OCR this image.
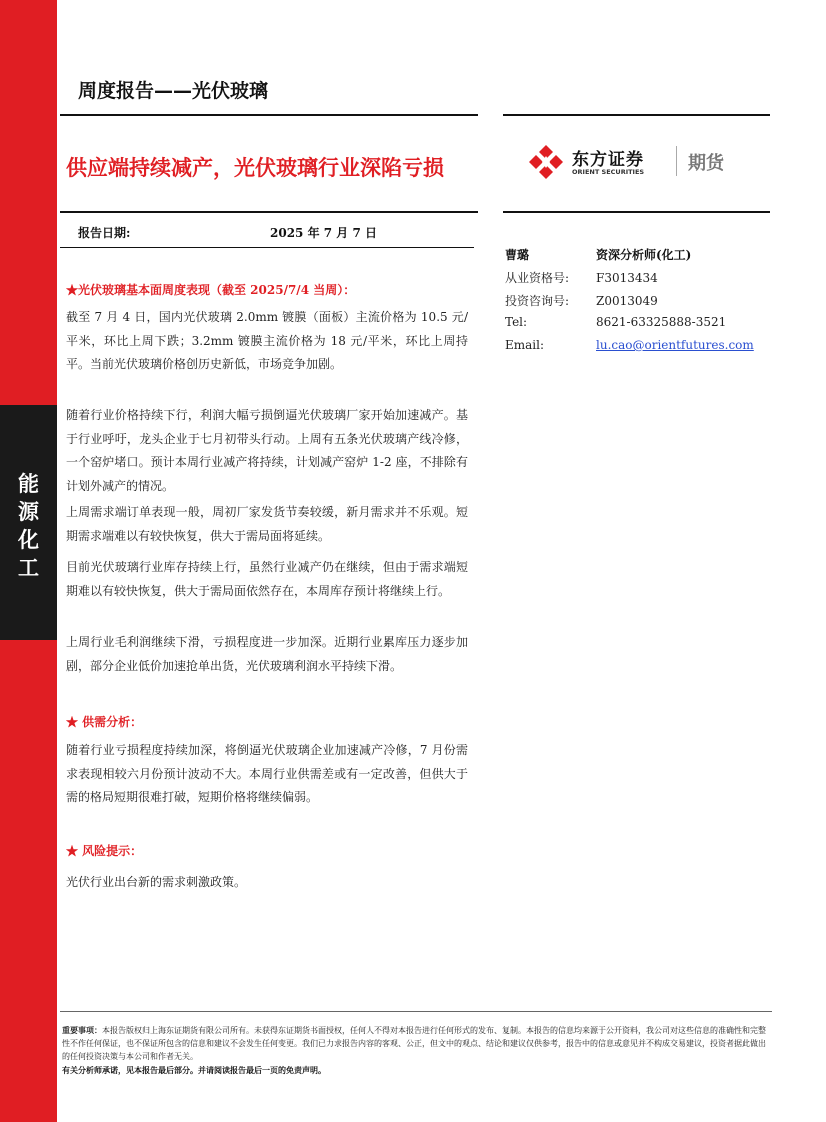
能
源
化
工
周度报告——光伏玻璃
供应端持续减产，光伏玻璃行业深陷亏损	东方证券
ORIENT SECURITIES 期货
报告日期:	2025 年 7 月 7 日
曹璐	资深分析师(化工)
从业资格号: F3013434
投资咨询号: Z0013049
Tel:	8621-63325888-3521
Email:	lu.cao@orientfutures.com
★光伏玻璃基本面周度表现（截至 2025/7/4 当周）：
截至 7 月 4 日，国内光伏玻璃 2.0mm 镀膜（面板）主流价格为 10.5 元/平米，环比上周下跌；3.2mm 镀膜主流价格为 18 元/平米，环比上周持平。当前光伏玻璃价格创历史新低，市场竞争加剧。
随着行业价格持续下行，利润大幅亏损倒逼光伏玻璃厂家开始加速减产。基于行业呼吁，龙头企业于七月初带头行动。上周有五条光伏玻璃产线冷修，一个窑炉堵口。预计本周行业减产将持续，计划减产窑炉 1-2 座，不排除有计划外减产的情况。
上周需求端订单表现一般，周初厂家发货节奏较缓，新月需求并不乐观。短期需求端难以有较快恢复，供大于需局面将延续。
目前光伏玻璃行业库存持续上行，虽然行业减产仍在继续，但由于需求端短期难以有较快恢复，供大于需局面依然存在，本周库存预计将继续上行。
上周行业毛利润继续下滑，亏损程度进一步加深。近期行业累库压力逐步加剧，部分企业低价加速抢单出货，光伏玻璃利润水平持续下滑。
★ 供需分析：
随着行业亏损程度持续加深，将倒逼光伏玻璃企业加速减产冷修，7 月份需求表现相较六月份预计波动不大。本周行业供需差或有一定改善，但供大于需的格局短期很难打破，短期价格将继续偏弱。
★ 风险提示：
光伏行业出台新的需求刺激政策。
重要事项：本报告版权归上海东证期货有限公司所有。未获得东证期货书面授权，任何人不得对本报告进行任何形式的发布、复制。本报告的信息均来源于公开资料，我公司对这些信息的准确性和完整性不作任何保证，也不保证所包含的信息和建议不会发生任何变更。我们已力求报告内容的客观、公正，但文中的观点、结论和建议仅供参考，报告中的信息或意见并不构成交易建议，投资者据此做出的任何投资决策与本公司和作者无关。
有关分析师承诺，见本报告最后部分。并请阅读报告最后一页的免责声明。
